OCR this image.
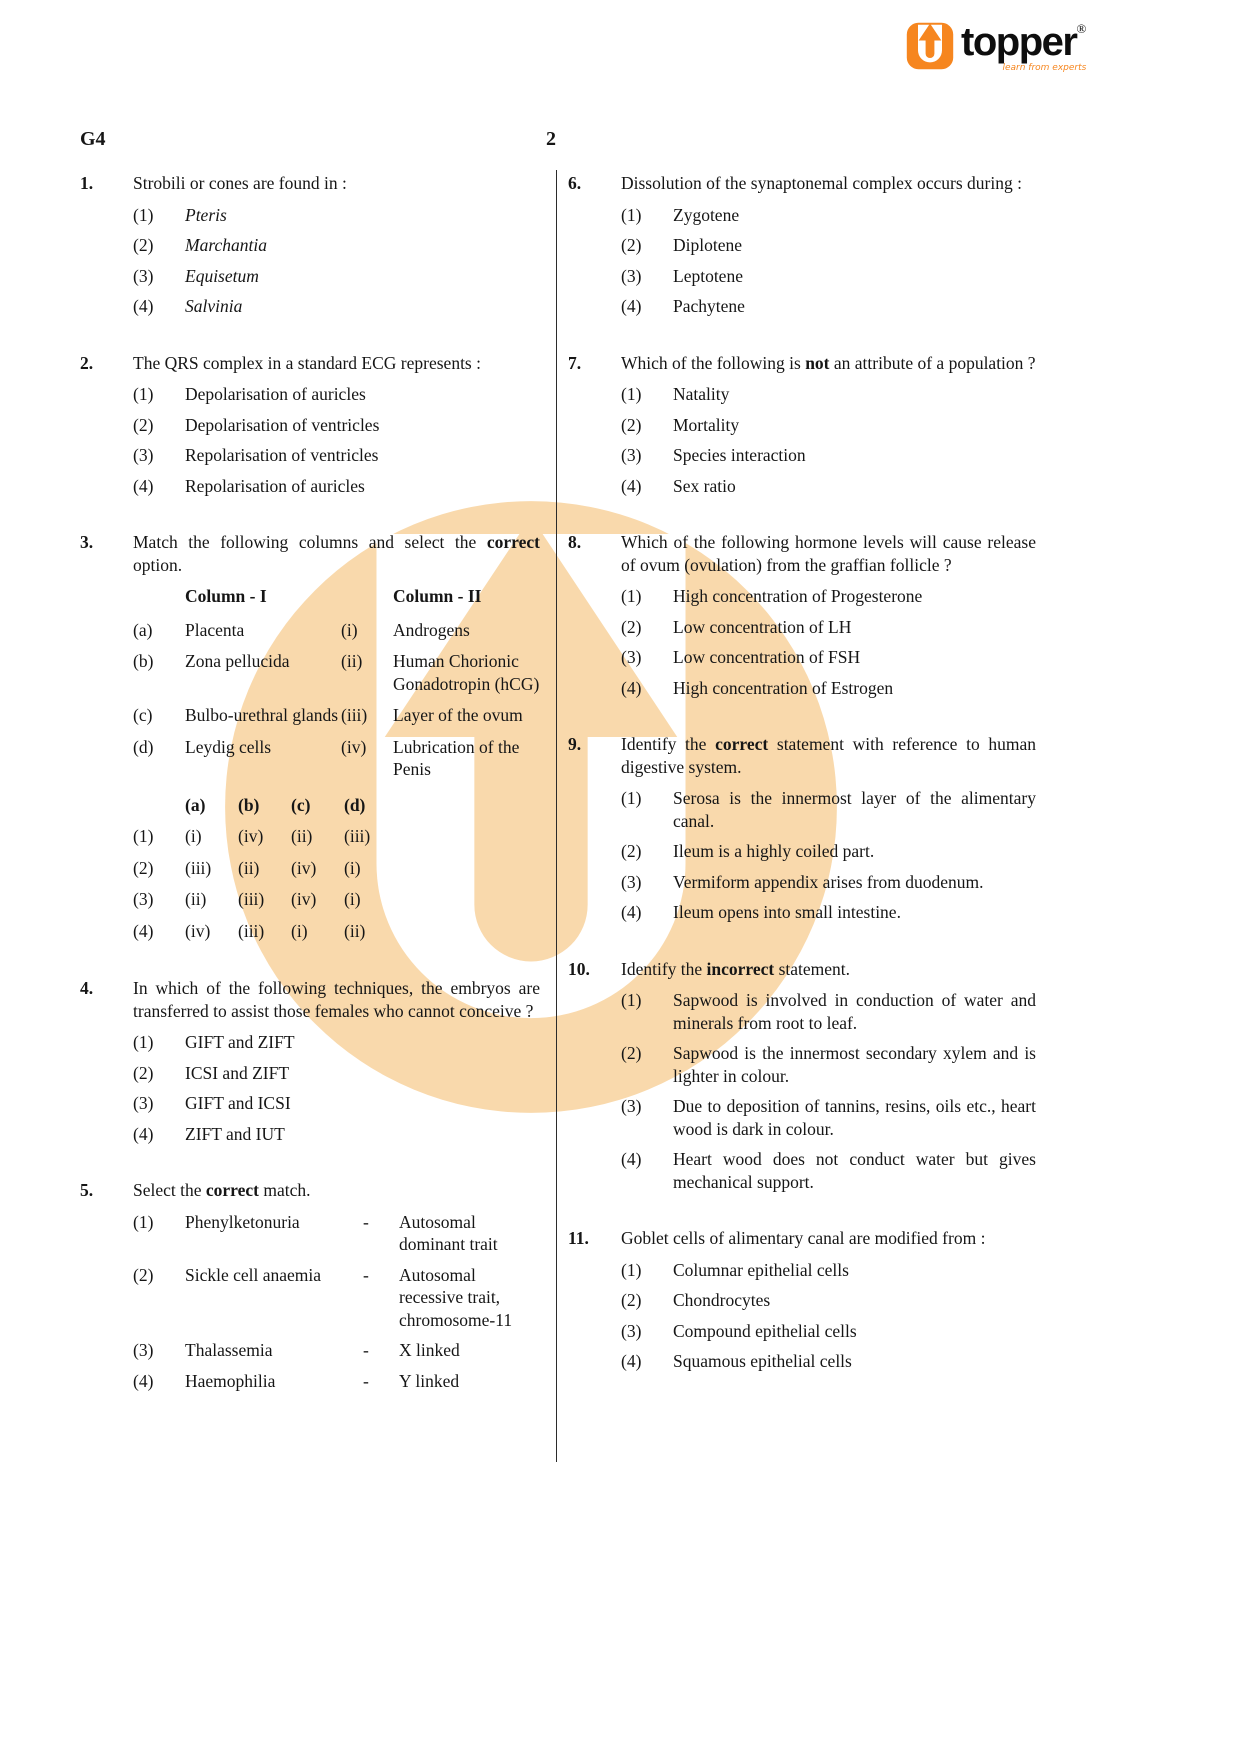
topper ®
learn from experts
G4	2
1.	Strobili or cones are found in :
(1)	Pteris
(2)	Marchantia
(3)	Equisetum
(4)	Salvinia
2.	The QRS complex in a standard ECG represents :
(1)	Depolarisation of auricles
(2)	Depolarisation of ventricles
(3)	Repolarisation of ventricles
(4)	Repolarisation of auricles
3.	Match the following columns and select the correct option.
Column - I	Column - II
(a)	Placenta	(i)	Androgens
(b)	Zona pellucida	(ii)	Human Chorionic Gonadotropin (hCG)
(c)	Bulbo-urethral glands (iii)	Layer of the ovum
(d)	Leydig cells	(iv)	Lubrication of the Penis
(a)	(b)	(c)	(d)
(1)	(i)	(iv)	(ii)	(iii)
(2)	(iii)	(ii)	(iv)	(i)
(3)	(ii)	(iii)	(iv)	(i)
(4)	(iv)	(iii)	(i)	(ii)
4.	In which of the following techniques, the embryos are transferred to assist those females who cannot conceive ?
(1)	GIFT and ZIFT
(2)	ICSI and ZIFT
(3)	GIFT and ICSI
(4)	ZIFT and IUT
5.	Select the correct match.
(1)	Phenylketonuria	-	Autosomal dominant trait
(2)	Sickle cell anaemia	-	Autosomal recessive trait, chromosome-11
(3)	Thalassemia	-	X linked
(4)	Haemophilia	-	Y linked
6.	Dissolution of the synaptonemal complex occurs during :
(1)	Zygotene
(2)	Diplotene
(3)	Leptotene
(4)	Pachytene
7.	Which of the following is not an attribute of a population ?
(1)	Natality
(2)	Mortality
(3)	Species interaction
(4)	Sex ratio
8.	Which of the following hormone levels will cause release of ovum (ovulation) from the graffian follicle ?
(1)	High concentration of Progesterone
(2)	Low concentration of LH
(3)	Low concentration of FSH
(4)	High concentration of Estrogen
9.	Identify the correct statement with reference to human digestive system.
(1)	Serosa is the innermost layer of the alimentary canal.
(2)	Ileum is a highly coiled part.
(3)	Vermiform appendix arises from duodenum.
(4)	Ileum opens into small intestine.
10.	Identify the incorrect statement.
(1)	Sapwood is involved in conduction of water and minerals from root to leaf.
(2)	Sapwood is the innermost secondary xylem and is lighter in colour.
(3)	Due to deposition of tannins, resins, oils etc., heart wood is dark in colour.
(4)	Heart wood does not conduct water but gives mechanical support.
11.	Goblet cells of alimentary canal are modified from :
(1)	Columnar epithelial cells
(2)	Chondrocytes
(3)	Compound epithelial cells
(4)	Squamous epithelial cells
